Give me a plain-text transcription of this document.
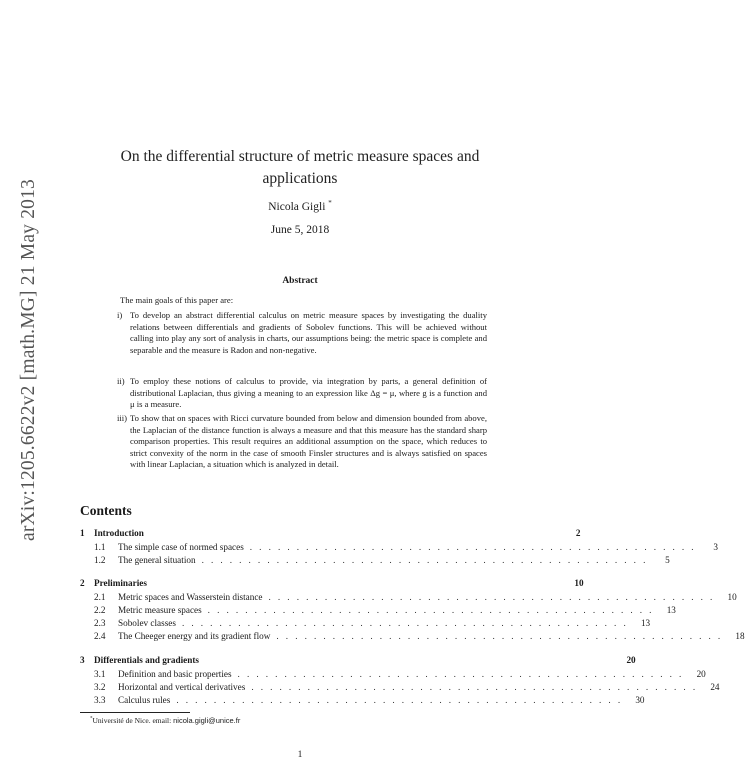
arXiv:1205.6622v2 [math.MG] 21 May 2013
On the differential structure of metric measure spaces and applications
Nicola Gigli *
June 5, 2018
Abstract
The main goals of this paper are:
i) To develop an abstract differential calculus on metric measure spaces by investigating the duality relations between differentials and gradients of Sobolev functions. This will be achieved without calling into play any sort of analysis in charts, our assumptions being: the metric space is complete and separable and the measure is Radon and non-negative.
ii) To employ these notions of calculus to provide, via integration by parts, a general definition of distributional Laplacian, thus giving a meaning to an expression like Δg = μ, where g is a function and μ is a measure.
iii) To show that on spaces with Ricci curvature bounded from below and dimension bounded from above, the Laplacian of the distance function is always a measure and that this measure has the standard sharp comparison properties. This result requires an additional assumption on the space, which reduces to strict convexity of the norm in the case of smooth Finsler structures and is always satisfied on spaces with linear Laplacian, a situation which is analyzed in detail.
Contents
1	Introduction	2
1.1	The simple case of normed spaces . . . . . . . . . . . . . . . . . . . . . . . . . . . . . . . . . . . . . . . . . . . . . . . .	3
1.2	The general situation . . . . . . . . . . . . . . . . . . . . . . . . . . . . . . . . . . . . . . . . . . . . . . . .	5
2	Preliminaries	10
2.1	Metric spaces and Wasserstein distance . . . . . . . . . . . . . . . . . . . . . . . . . . . . . . . . . . . . . . . . . . . . . . . .	10
2.2	Metric measure spaces . . . . . . . . . . . . . . . . . . . . . . . . . . . . . . . . . . . . . . . . . . . . . . . .	13
2.3	Sobolev classes . . . . . . . . . . . . . . . . . . . . . . . . . . . . . . . . . . . . . . . . . . . . . . . .	13
2.4	The Cheeger energy and its gradient flow . . . . . . . . . . . . . . . . . . . . . . . . . . . . . . . . . . . . . . . . . . . . . . . .	18
3	Differentials and gradients	20
3.1	Definition and basic properties . . . . . . . . . . . . . . . . . . . . . . . . . . . . . . . . . . . . . . . . . . . . . . . .	20
3.2	Horizontal and vertical derivatives . . . . . . . . . . . . . . . . . . . . . . . . . . . . . . . . . . . . . . . . . . . . . . . .	24
3.3	Calculus rules . . . . . . . . . . . . . . . . . . . . . . . . . . . . . . . . . . . . . . . . . . . . . . . .	30
*Université de Nice. email: nicola.gigli@unice.fr
1
